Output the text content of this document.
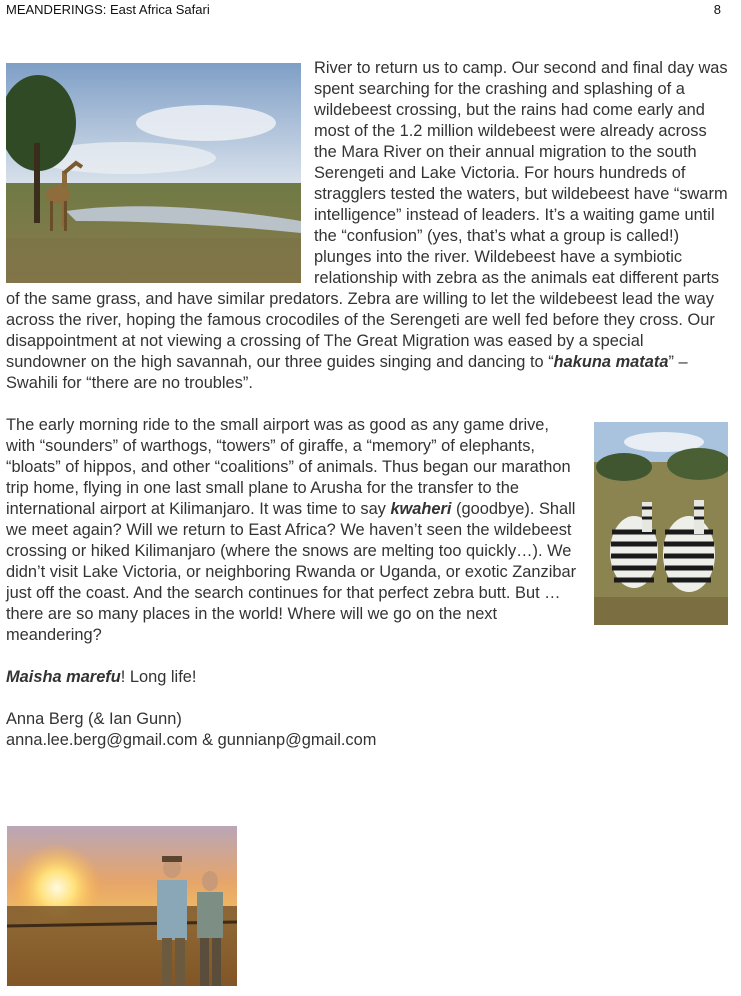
MEANDERINGS: East Africa Safari	8

River to return us to camp. Our second and final day was spent searching for the crashing and splashing of a wildebeest crossing, but the rains had come early and most of the 1.2 million wildebeest were already across the Mara River on their annual migration to the south Serengeti and Lake Victoria. For hours hundreds of stragglers tested the waters, but wildebeest have “swarm intelligence” instead of leaders. It’s a waiting game until the “confusion” (yes, that’s what a group is called!) plunges into the river. Wildebeest have a symbiotic relationship with zebra as the animals eat different parts of the same grass, and have similar predators. Zebra are willing to let the wildebeest lead the way across the river, hoping the famous crocodiles of the Serengeti are well fed before they cross. Our disappointment at not viewing a crossing of The Great Migration was eased by a special sundowner on the high savannah, our three guides singing and dancing to “hakuna matata” – Swahili for “there are no troubles”.

The early morning ride to the small airport was as good as any game drive, with “sounders” of warthogs, “towers” of giraffe, a “memory” of elephants, “bloats” of hippos, and other “coalitions” of animals. Thus began our marathon trip home, flying in one last small plane to Arusha for the transfer to the international airport at Kilimanjaro. It was time to say kwaheri (goodbye). Shall we meet again? Will we return to East Africa? We haven’t seen the wildebeest crossing or hiked Kilimanjaro (where the snows are melting too quickly…). We didn’t visit Lake Victoria, or neighboring Rwanda or Uganda, or exotic Zanzibar just off the coast. And the search continues for that perfect zebra butt. But … there are so many places in the world! Where will we go on the next meandering?

Maisha marefu! Long life!

Anna Berg (& Ian Gunn)
anna.lee.berg@gmail.com & gunnianp@gmail.com
